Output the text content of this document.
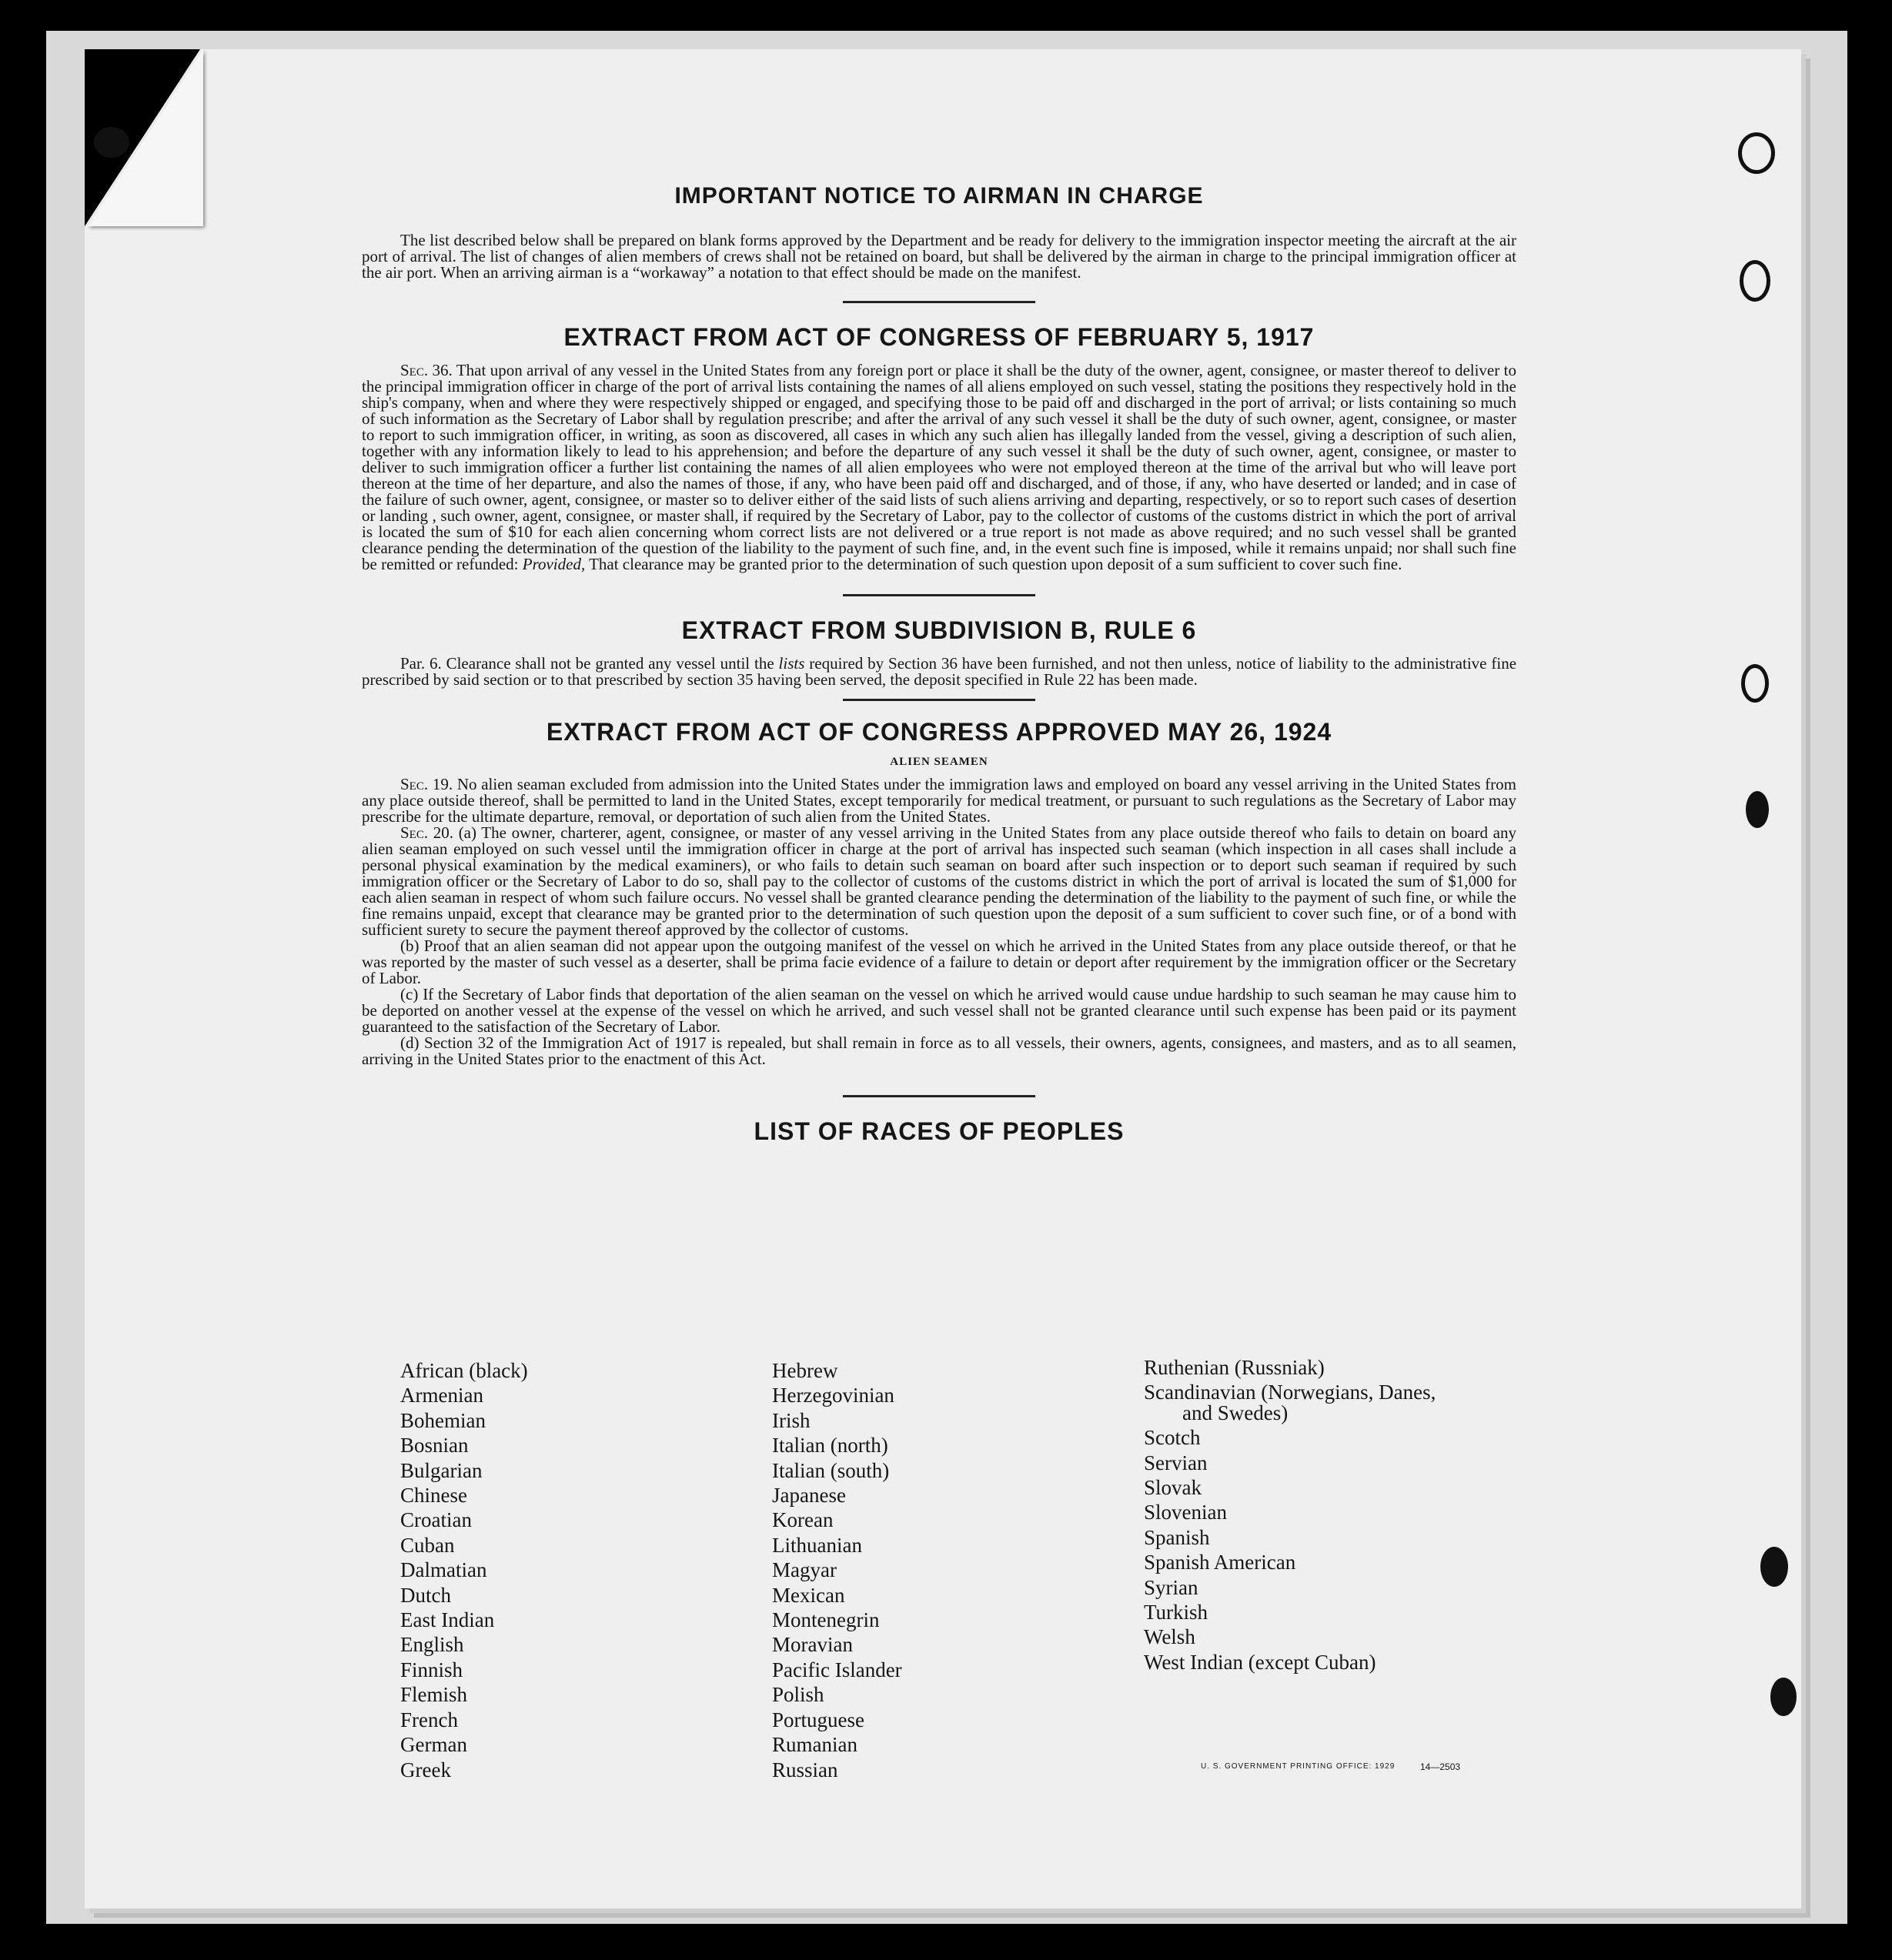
IMPORTANT NOTICE TO AIRMAN IN CHARGE

The list described below shall be prepared on blank forms approved by the Department and be ready for delivery to the immigration inspector meeting the aircraft at the air port of arrival. The list of changes of alien members of crews shall not be retained on board, but shall be delivered by the airman in charge to the principal immigration officer at the air port. When an arriving airman is a “workaway” a notation to that effect should be made on the manifest.

EXTRACT FROM ACT OF CONGRESS OF FEBRUARY 5, 1917

Sec. 36. That upon arrival of any vessel in the United States from any foreign port or place it shall be the duty of the owner, agent, consignee, or master thereof to deliver to the principal immigration officer in charge of the port of arrival lists containing the names of all aliens employed on such vessel, stating the positions they respectively hold in the ship's company, when and where they were respectively shipped or engaged, and specifying those to be paid off and discharged in the port of arrival; or lists containing so much of such information as the Secretary of Labor shall by regulation prescribe; and after the arrival of any such vessel it shall be the duty of such owner, agent, consignee, or master to report to such immigration officer, in writing, as soon as discovered, all cases in which any such alien has illegally landed from the vessel, giving a description of such alien, together with any information likely to lead to his apprehension; and before the departure of any such vessel it shall be the duty of such owner, agent, consignee, or master to deliver to such immigration officer a further list containing the names of all alien employees who were not employed thereon at the time of the arrival but who will leave port thereon at the time of her departure, and also the names of those, if any, who have been paid off and discharged, and of those, if any, who have deserted or landed; and in case of the failure of such owner, agent, consignee, or master so to deliver either of the said lists of such aliens arriving and departing, respectively, or so to report such cases of desertion or landing , such owner, agent, consignee, or master shall, if required by the Secretary of Labor, pay to the collector of customs of the customs district in which the port of arrival is located the sum of $10 for each alien concerning whom correct lists are not delivered or a true report is not made as above required; and no such vessel shall be granted clearance pending the determination of the question of the liability to the payment of such fine, and, in the event such fine is imposed, while it remains unpaid; nor shall such fine be remitted or refunded: Provided, That clearance may be granted prior to the determination of such question upon deposit of a sum sufficient to cover such fine.

EXTRACT FROM SUBDIVISION B, RULE 6

Par. 6. Clearance shall not be granted any vessel until the lists required by Section 36 have been furnished, and not then unless, notice of liability to the administrative fine prescribed by said section or to that prescribed by section 35 having been served, the deposit specified in Rule 22 has been made.

EXTRACT FROM ACT OF CONGRESS APPROVED MAY 26, 1924
ALIEN SEAMEN

Sec. 19. No alien seaman excluded from admission into the United States under the immigration laws and employed on board any vessel arriving in the United States from any place outside thereof, shall be permitted to land in the United States, except temporarily for medical treatment, or pursuant to such regulations as the Secretary of Labor may prescribe for the ultimate departure, removal, or deportation of such alien from the United States.

Sec. 20. (a) The owner, charterer, agent, consignee, or master of any vessel arriving in the United States from any place outside thereof who fails to detain on board any alien seaman employed on such vessel until the immigration officer in charge at the port of arrival has inspected such seaman (which inspection in all cases shall include a personal physical examination by the medical examiners), or who fails to detain such seaman on board after such inspection or to deport such seaman if required by such immigration officer or the Secretary of Labor to do so, shall pay to the collector of customs of the customs district in which the port of arrival is located the sum of $1,000 for each alien seaman in respect of whom such failure occurs. No vessel shall be granted clearance pending the determination of the liability to the payment of such fine, or while the fine remains unpaid, except that clearance may be granted prior to the determination of such question upon the deposit of a sum sufficient to cover such fine, or of a bond with sufficient surety to secure the payment thereof approved by the collector of customs.

(b) Proof that an alien seaman did not appear upon the outgoing manifest of the vessel on which he arrived in the United States from any place outside thereof, or that he was reported by the master of such vessel as a deserter, shall be prima facie evidence of a failure to detain or deport after requirement by the immigration officer or the Secretary of Labor.

(c) If the Secretary of Labor finds that deportation of the alien seaman on the vessel on which he arrived would cause undue hardship to such seaman he may cause him to be deported on another vessel at the expense of the vessel on which he arrived, and such vessel shall not be granted clearance until such expense has been paid or its payment guaranteed to the satisfaction of the Secretary of Labor.

(d) Section 32 of the Immigration Act of 1917 is repealed, but shall remain in force as to all vessels, their owners, agents, consignees, and masters, and as to all seamen, arriving in the United States prior to the enactment of this Act.

LIST OF RACES OF PEOPLES
African (black)
Armenian
Bohemian
Bosnian
Bulgarian
Chinese
Croatian
Cuban
Dalmatian
Dutch
East Indian
English
Finnish
Flemish
French
German
Greek
Hebrew
Herzegovinian
Irish
Italian (north)
Italian (south)
Japanese
Korean
Lithuanian
Magyar
Mexican
Montenegrin
Moravian
Pacific Islander
Polish
Portuguese
Rumanian
Russian
Ruthenian (Russniak)
Scandinavian (Norwegians, Danes,
and Swedes)
Scotch
Servian
Slovak
Slovenian
Spanish
Spanish American
Syrian
Turkish
Welsh
West Indian (except Cuban)
U. S. GOVERNMENT PRINTING OFFICE: 1929	14—2503
